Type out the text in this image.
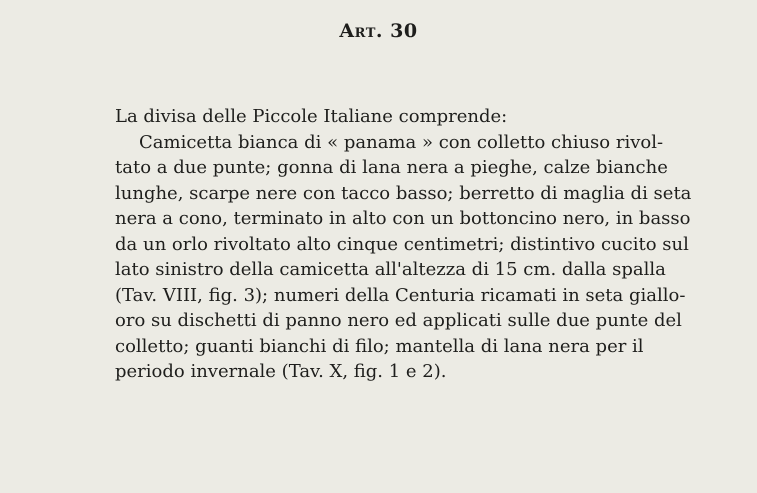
Art. 30
La divisa delle Piccole Italiane comprende:
Camicetta bianca di « panama » con colletto chiuso rivol-
tato a due punte; gonna di lana nera a pieghe, calze bianche
lunghe, scarpe nere con tacco basso; berretto di maglia di seta
nera a cono, terminato in alto con un bottoncino nero, in basso
da un orlo rivoltato alto cinque centimetri; distintivo cucito sul
lato sinistro della camicetta all'altezza di 15 cm. dalla spalla
(Tav. VIII, fig. 3); numeri della Centuria ricamati in seta giallo-
oro su dischetti di panno nero ed applicati sulle due punte del
colletto; guanti bianchi di filo; mantella di lana nera per il
periodo invernale (Tav. X, fig. 1 e 2).
